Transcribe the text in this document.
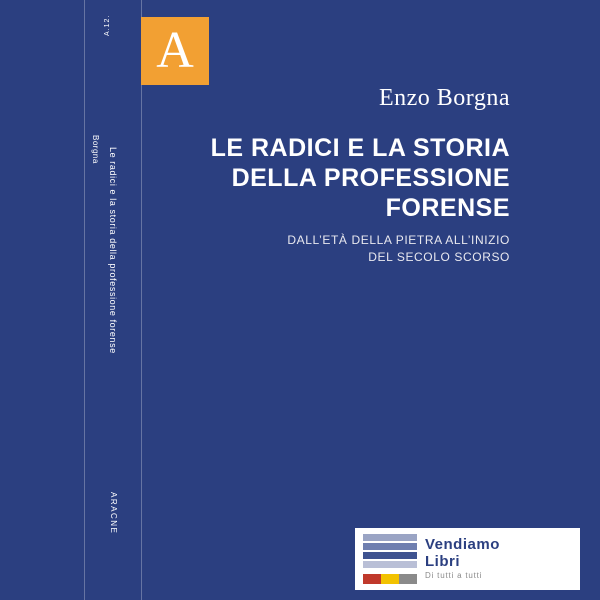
A
A.12.
Borgna Le radici e la storia della professione forense
ARACNE
Enzo Borgna
LE RADICI E LA STORIA DELLA PROFESSIONE FORENSE
DALL’ETÀ DELLA PIETRA ALL’INIZIO
DEL SECOLO SCORSO
Vendiamo
Libri
Di tutti a tutti
